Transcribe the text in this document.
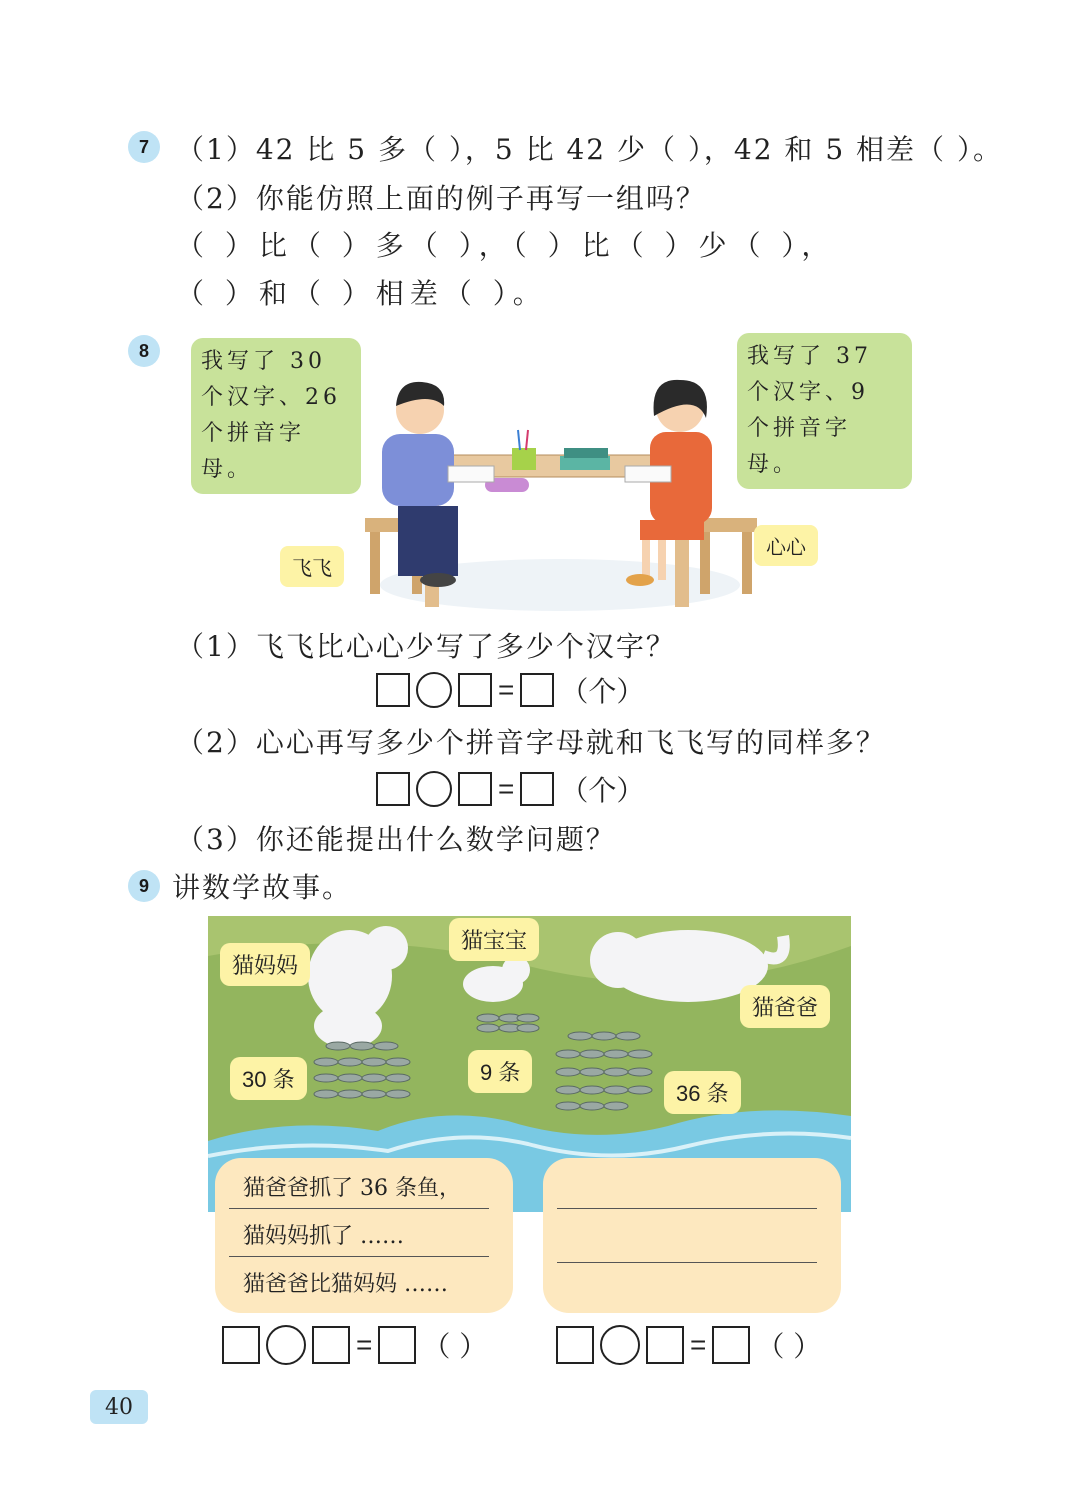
7 （1）42 比 5 多（ ），5 比 42 少（ ），42 和 5 相差（ ）。
（2）你能仿照上面的例子再写一组吗？
（ ）比（ ）多（ ），（ ）比（ ）少（ ），
（ ）和（ ）相差（ ）。
8	我写了 30 个汉字、26 个拼音字母。
我写了 37 个汉字、9 个拼音字母。
飞飞
心心
（1）飞飞比心心少写了多少个汉字？
= （个）
（2）心心再写多少个拼音字母就和飞飞写的同样多？
= （个）
（3）你还能提出什么数学问题？
9 讲数学故事。
猫妈妈
猫宝宝
猫爸爸
30 条	9 条
36 条
猫爸爸抓了 36 条鱼，
猫妈妈抓了 ……
猫爸爸比猫妈妈 ……
= （ ）	= （ ）
40
